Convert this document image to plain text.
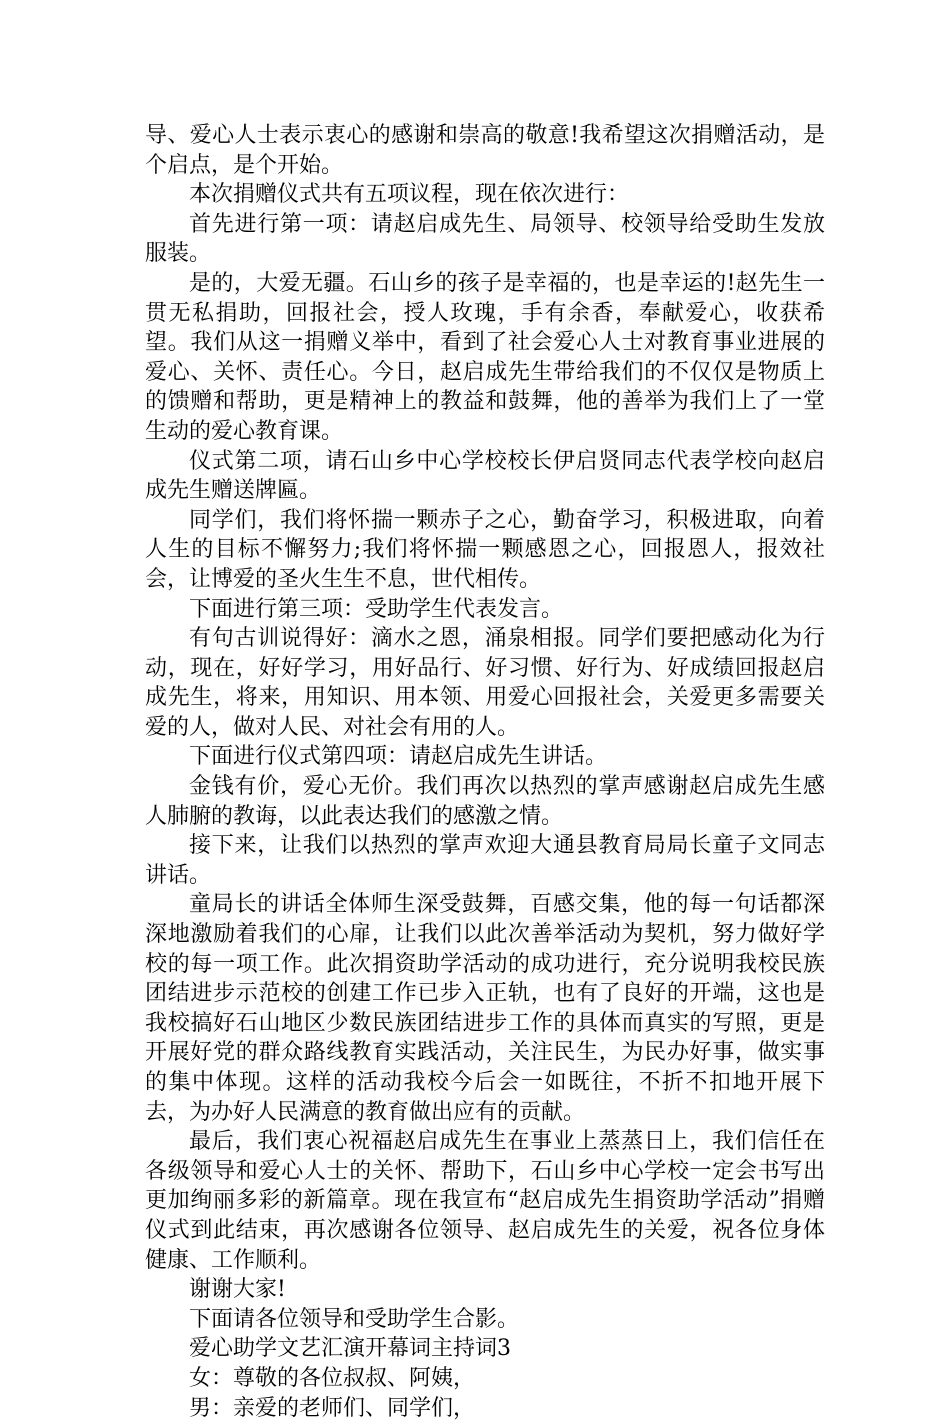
导、爱心人士表示衷心的感谢和崇高的敬意!我希望这次捐赠活动，是个启点，是个开始。

本次捐赠仪式共有五项议程，现在依次进行：

首先进行第一项：请赵启成先生、局领导、校领导给受助生发放服装。

是的，大爱无疆。石山乡的孩子是幸福的，也是幸运的!赵先生一贯无私捐助，回报社会，授人玫瑰，手有余香，奉献爱心，收获希望。我们从这一捐赠义举中，看到了社会爱心人士对教育事业进展的爱心、关怀、责任心。今日，赵启成先生带给我们的不仅仅是物质上的馈赠和帮助，更是精神上的教益和鼓舞，他的善举为我们上了一堂生动的爱心教育课。

仪式第二项，请石山乡中心学校校长伊启贤同志代表学校向赵启成先生赠送牌匾。

同学们，我们将怀揣一颗赤子之心，勤奋学习，积极进取，向着人生的目标不懈努力;我们将怀揣一颗感恩之心，回报恩人，报效社会，让博爱的圣火生生不息，世代相传。

下面进行第三项：受助学生代表发言。

有句古训说得好：滴水之恩，涌泉相报。同学们要把感动化为行动，现在，好好学习，用好品行、好习惯、好行为、好成绩回报赵启成先生，将来，用知识、用本领、用爱心回报社会，关爱更多需要关爱的人，做对人民、对社会有用的人。

下面进行仪式第四项：请赵启成先生讲话。

金钱有价，爱心无价。我们再次以热烈的掌声感谢赵启成先生感人肺腑的教诲，以此表达我们的感激之情。

接下来，让我们以热烈的掌声欢迎大通县教育局局长童子文同志讲话。

童局长的讲话全体师生深受鼓舞，百感交集，他的每一句话都深深地激励着我们的心扉，让我们以此次善举活动为契机，努力做好学校的每一项工作。此次捐资助学活动的成功进行，充分说明我校民族团结进步示范校的创建工作已步入正轨，也有了良好的开端，这也是我校搞好石山地区少数民族团结进步工作的具体而真实的写照，更是开展好党的群众路线教育实践活动，关注民生，为民办好事，做实事的集中体现。这样的活动我校今后会一如既往，不折不扣地开展下去，为办好人民满意的教育做出应有的贡献。

最后，我们衷心祝福赵启成先生在事业上蒸蒸日上，我们信任在各级领导和爱心人士的关怀、帮助下，石山乡中心学校一定会书写出更加绚丽多彩的新篇章。现在我宣布“赵启成先生捐资助学活动”捐赠仪式到此结束，再次感谢各位领导、赵启成先生的关爱，祝各位身体健康、工作顺利。

谢谢大家!

下面请各位领导和受助学生合影。

爱心助学文艺汇演开幕词主持词3

女：尊敬的各位叔叔、阿姨，

男：亲爱的老师们、同学们，
